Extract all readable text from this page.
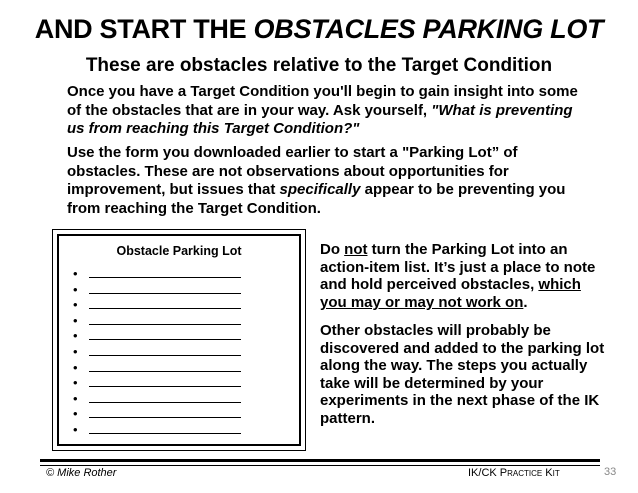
AND START THE OBSTACLES PARKING LOT
These are obstacles relative to the Target Condition
Once you have a Target Condition you'll begin to gain insight into some of the obstacles that are in your way. Ask yourself, "What is preventing us from reaching this Target Condition?"
Use the form you downloaded earlier to start a "Parking Lot” of obstacles. These are not observations about opportunities for improvement, but issues that specifically appear to be preventing you from reaching the Target Condition.
Obstacle Parking Lot
•
•
•
•
•
•
•
•
•
•
•
Do not turn the Parking Lot into an action-item list. It’s just a place to note and hold perceived obstacles, which you may or may not work on.
Other obstacles will probably be discovered and added to the parking lot along the way. The steps you actually take will be determined by your experiments in the next phase of the IK pattern.
© Mike Rother	IK/CK Practice Kit	33
